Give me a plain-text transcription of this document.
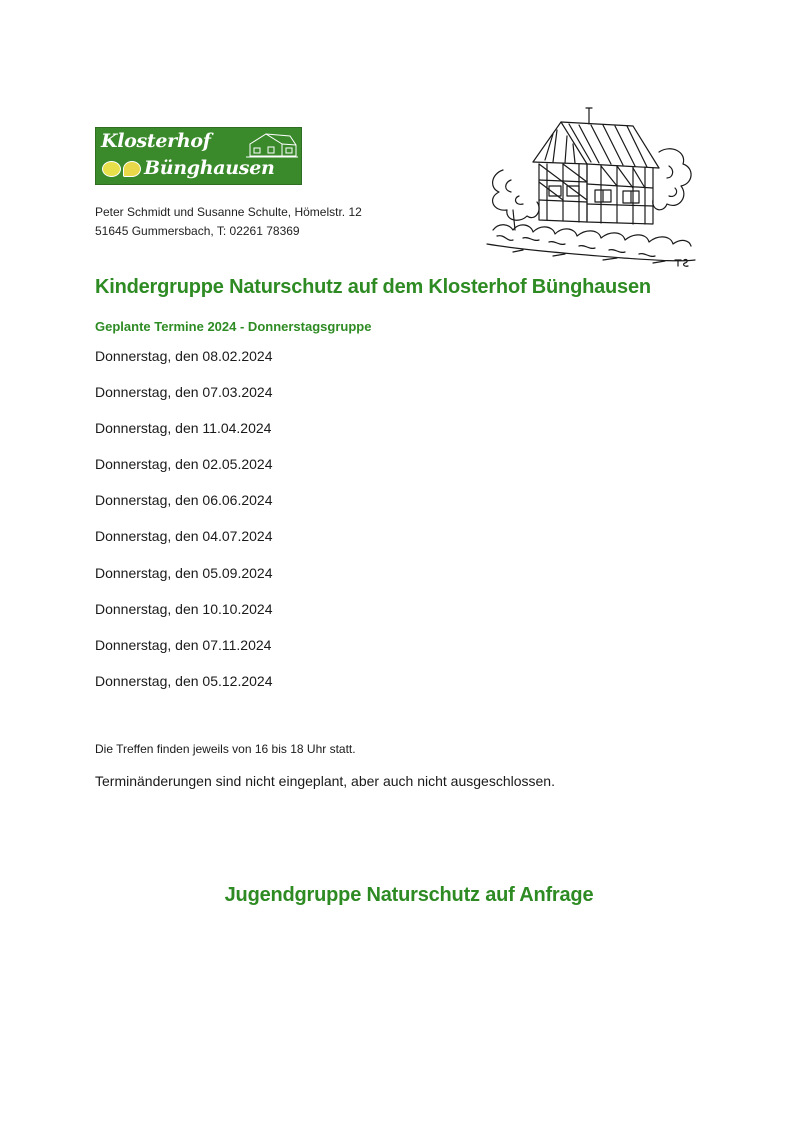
Klosterhof
Bünghausen
Peter Schmidt und Susanne Schulte, Hömelstr. 12
51645 Gummersbach, T: 02261 78369
Kindergruppe Naturschutz auf dem Klosterhof Bünghausen
Geplante Termine 2024 - Donnerstagsgruppe
Donnerstag, den 08.02.2024
Donnerstag, den 07.03.2024
Donnerstag, den 11.04.2024
Donnerstag, den 02.05.2024
Donnerstag, den 06.06.2024
Donnerstag, den 04.07.2024
Donnerstag, den 05.09.2024
Donnerstag, den 10.10.2024
Donnerstag, den 07.11.2024
Donnerstag, den 05.12.2024
Die Treffen finden jeweils von 16 bis 18 Uhr statt.
Terminänderungen sind nicht eingeplant, aber auch nicht ausgeschlossen.
Jugendgruppe Naturschutz auf Anfrage
